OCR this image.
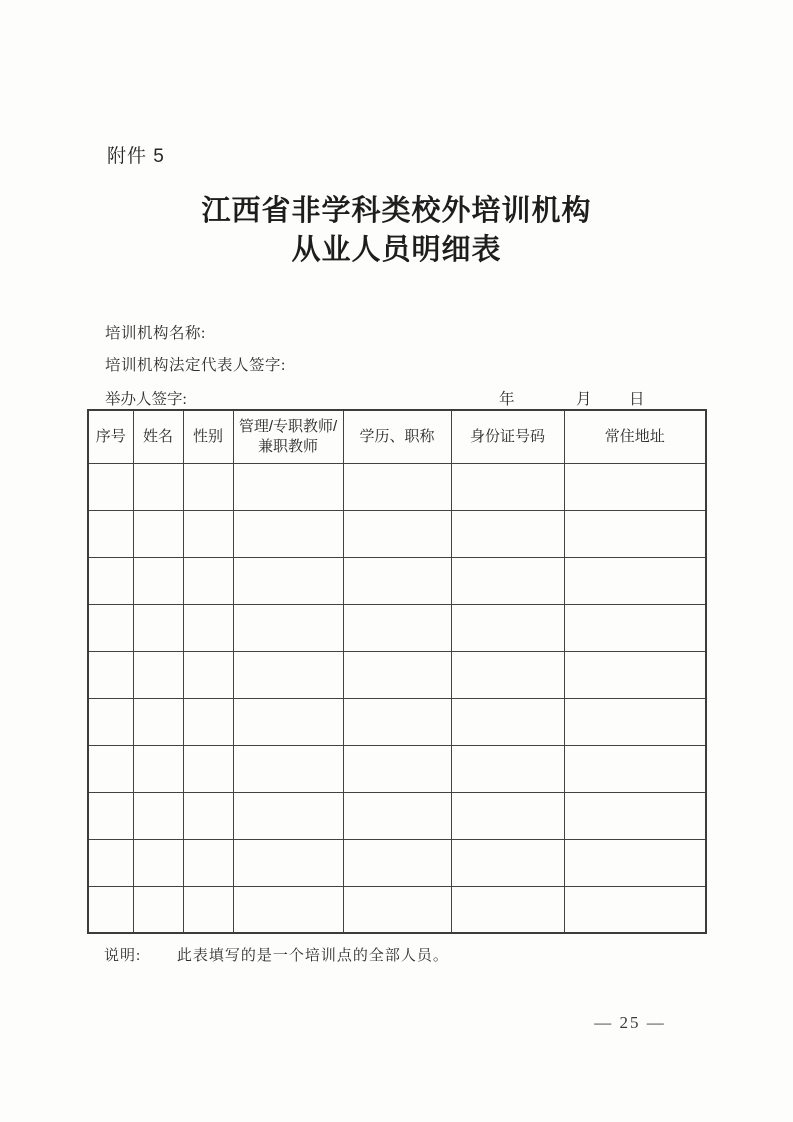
附件 5
江西省非学科类校外培训机构
从业人员明细表
培训机构名称:
培训机构法定代表人签字:
举办人签字:	年	月 日
序号	姓名	性别	管理/专职教师/兼职教师	学历、职称	身份证号码	常住地址

说明: 此表填写的是一个培训点的全部人员。
— 25 —
